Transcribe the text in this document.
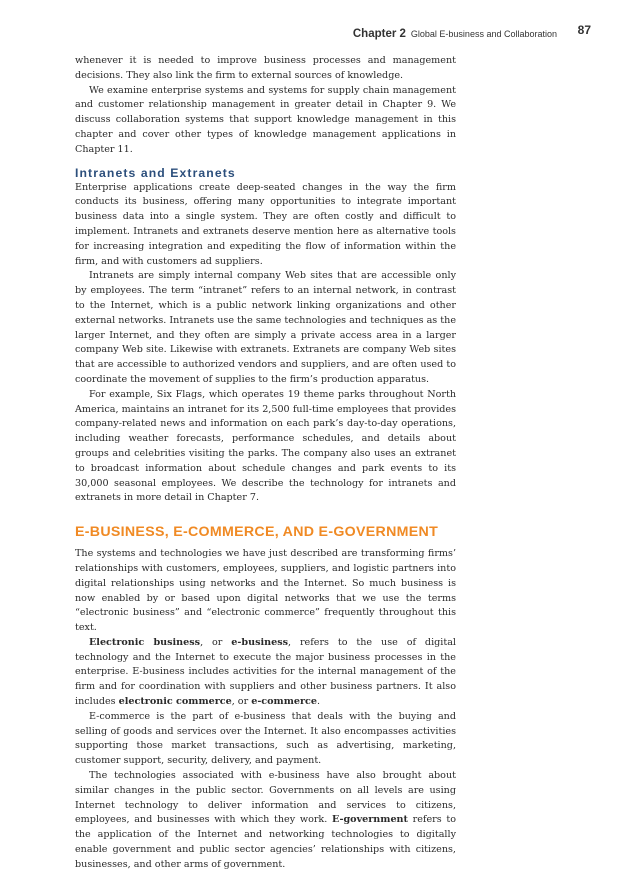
Chapter 2 Global E-business and Collaboration 87

whenever it is needed to improve business processes and management decisions. They also link the firm to external sources of knowledge.

We examine enterprise systems and systems for supply chain management and customer relationship management in greater detail in Chapter 9. We discuss collaboration systems that support knowledge management in this chapter and cover other types of knowledge management applications in Chapter 11.

Intranets and Extranets

Enterprise applications create deep-seated changes in the way the firm conducts its business, offering many opportunities to integrate important business data into a single system. They are often costly and difficult to implement. Intranets and extranets deserve mention here as alternative tools for increasing integration and expediting the flow of information within the firm, and with customers ad suppliers.

Intranets are simply internal company Web sites that are accessible only by employees. The term “intranet” refers to an internal network, in contrast to the Internet, which is a public network linking organizations and other external networks. Intranets use the same technologies and techniques as the larger Internet, and they often are simply a private access area in a larger company Web site. Likewise with extranets. Extranets are company Web sites that are accessible to authorized vendors and suppliers, and are often used to coordinate the movement of supplies to the firm’s production apparatus.

For example, Six Flags, which operates 19 theme parks throughout North America, maintains an intranet for its 2,500 full-time employees that provides company-related news and information on each park’s day-to-day operations, including weather forecasts, performance schedules, and details about groups and celebrities visiting the parks. The company also uses an extranet to broadcast information about schedule changes and park events to its 30,000 seasonal employees. We describe the technology for intranets and extranets in more detail in Chapter 7.

E-BUSINESS, E-COMMERCE, AND E-GOVERNMENT

The systems and technologies we have just described are transforming firms’ relationships with customers, employees, suppliers, and logistic partners into digital relationships using networks and the Internet. So much business is now enabled by or based upon digital networks that we use the terms “electronic business” and “electronic commerce” frequently throughout this text.

Electronic business, or e-business, refers to the use of digital technology and the Internet to execute the major business processes in the enterprise. E-business includes activities for the internal management of the firm and for coordination with suppliers and other business partners. It also includes electronic commerce, or e-commerce.

E-commerce is the part of e-business that deals with the buying and selling of goods and services over the Internet. It also encompasses activities supporting those market transactions, such as advertising, marketing, customer support, security, delivery, and payment.

The technologies associated with e-business have also brought about similar changes in the public sector. Governments on all levels are using Internet technology to deliver information and services to citizens, employees, and businesses with which they work. E-government refers to the application of the Internet and networking technologies to digitally enable government and public sector agencies’ relationships with citizens, businesses, and other arms of government.
